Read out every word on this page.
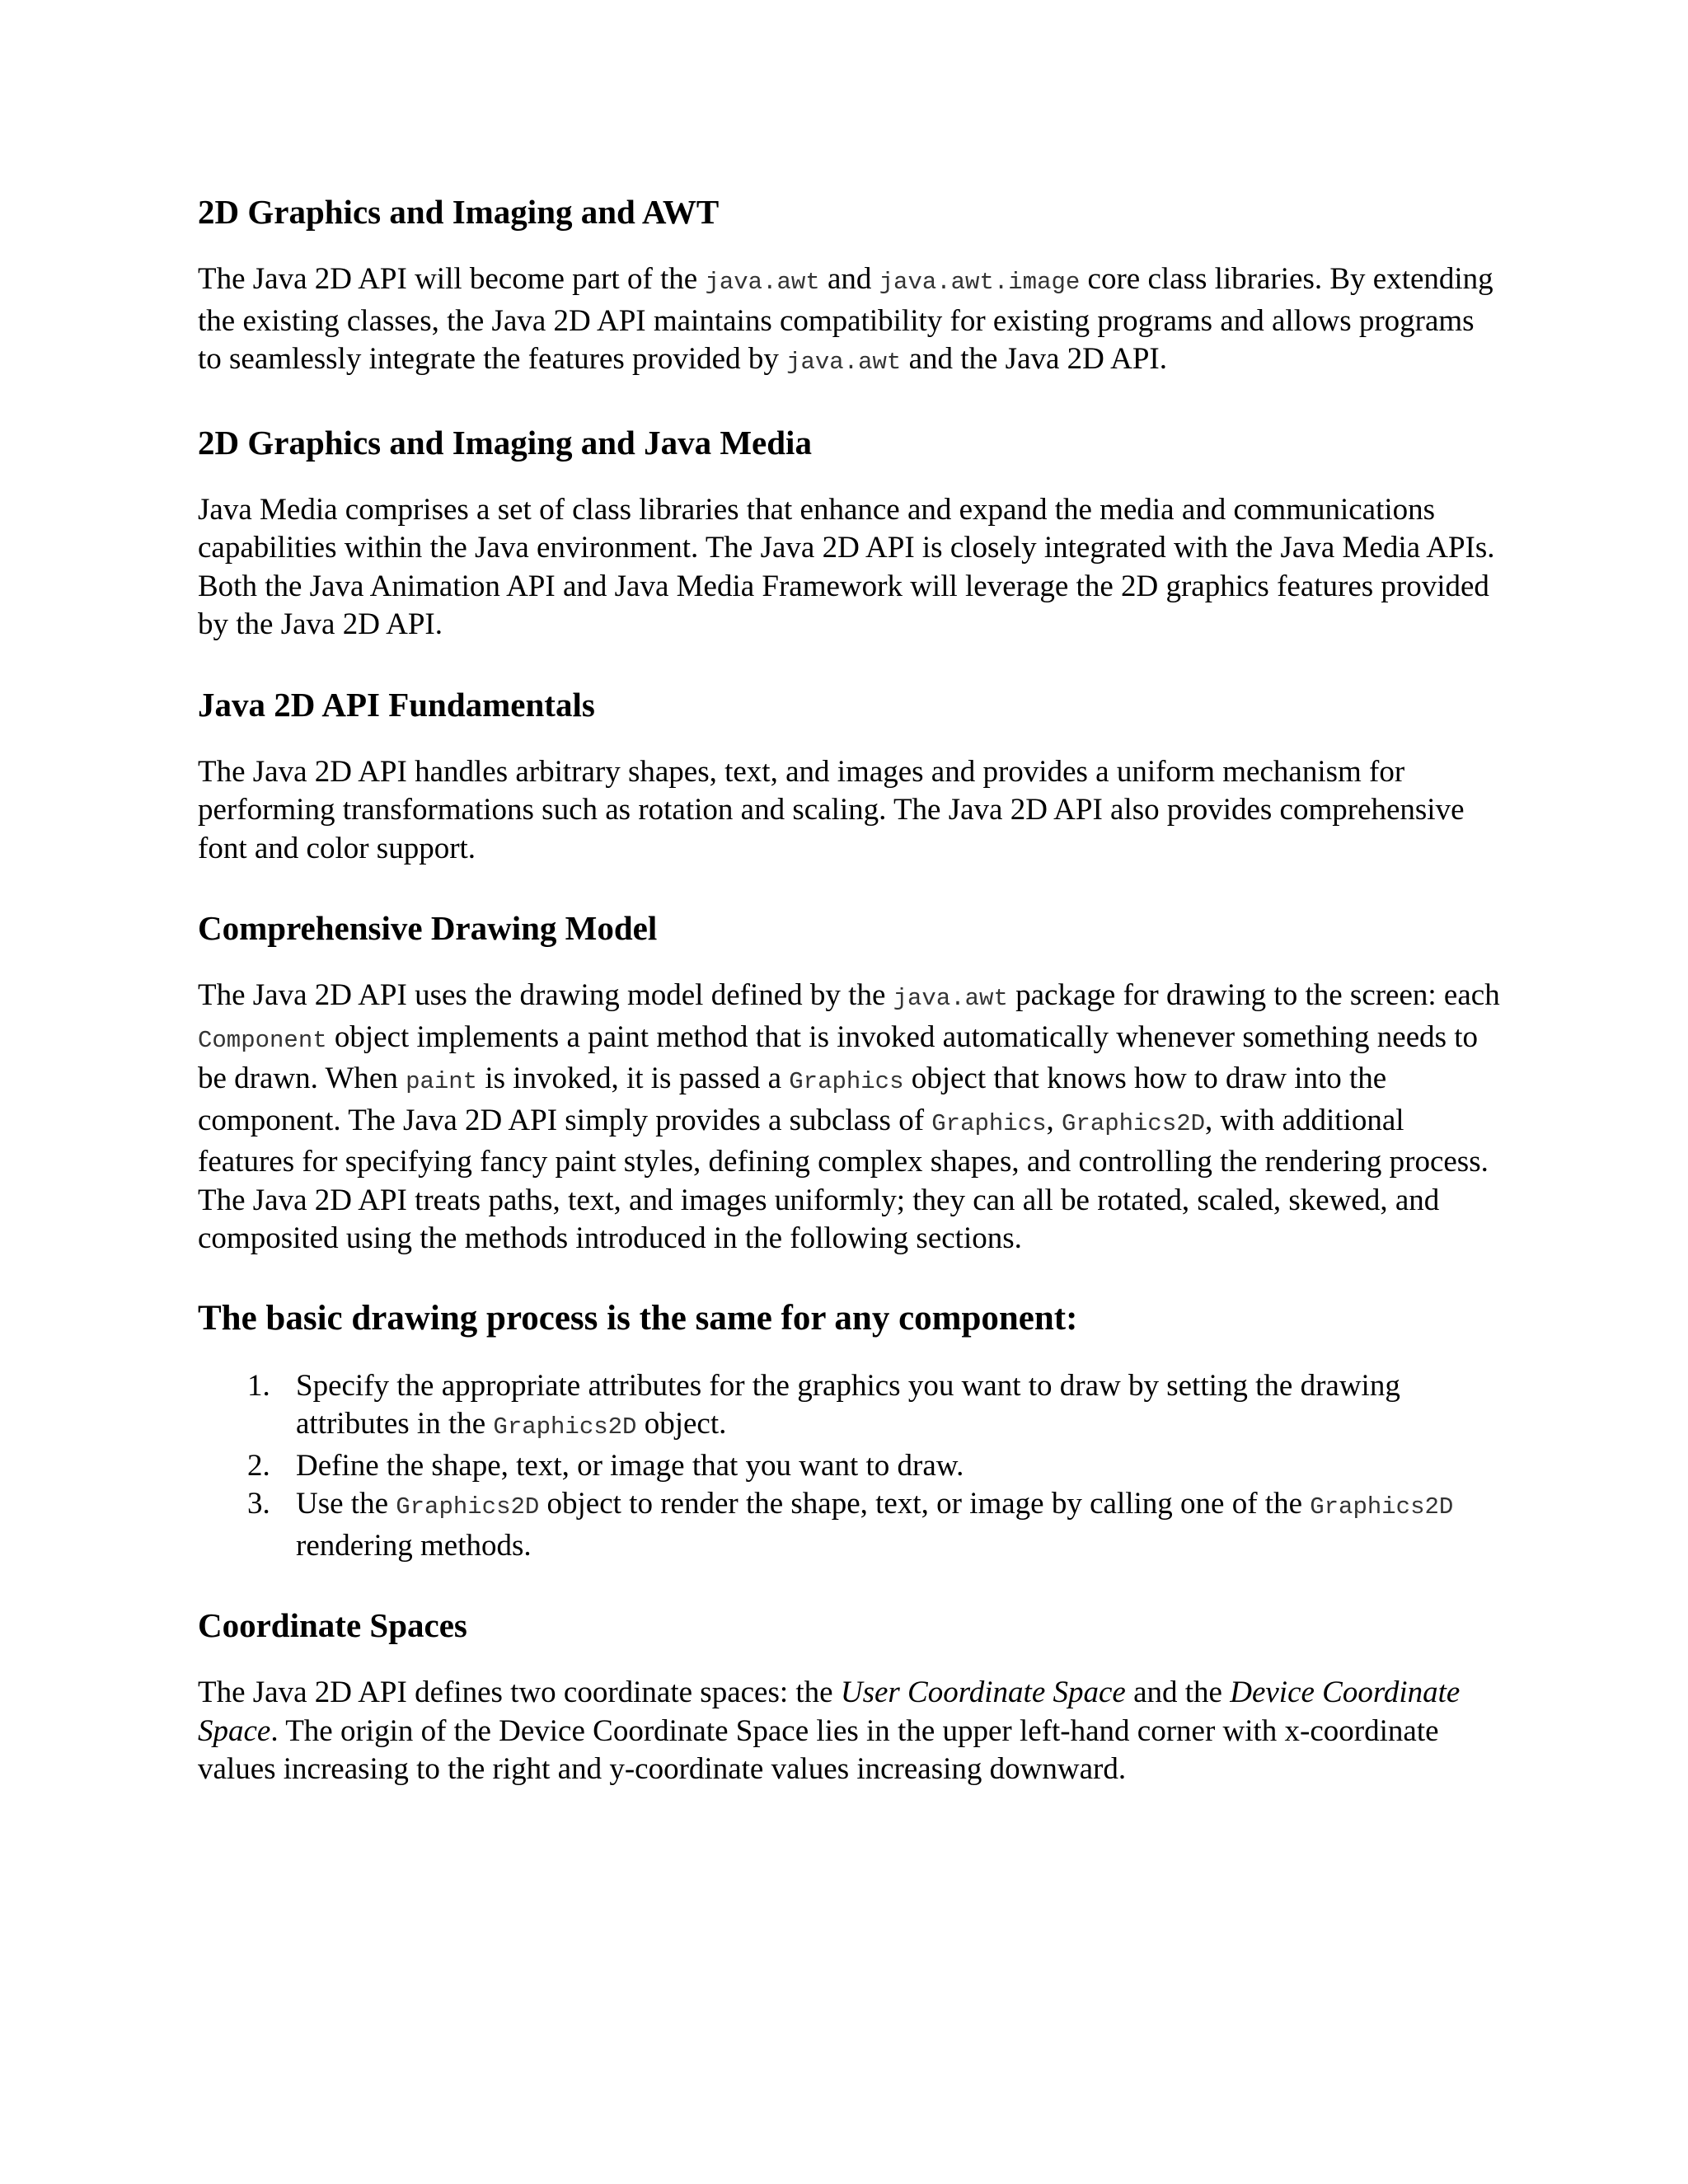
2D Graphics and Imaging and AWT

The Java 2D API will become part of the java.awt and java.awt.image core class libraries. By extending the existing classes, the Java 2D API maintains compatibility for existing programs and allows programs to seamlessly integrate the features provided by java.awt and the Java 2D API.

2D Graphics and Imaging and Java Media

Java Media comprises a set of class libraries that enhance and expand the media and communications capabilities within the Java environment. The Java 2D API is closely integrated with the Java Media APIs. Both the Java Animation API and Java Media Framework will leverage the 2D graphics features provided by the Java 2D API.

Java 2D API Fundamentals

The Java 2D API handles arbitrary shapes, text, and images and provides a uniform mechanism for performing transformations such as rotation and scaling. The Java 2D API also provides comprehensive font and color support.

Comprehensive Drawing Model

The Java 2D API uses the drawing model defined by the java.awt package for drawing to the screen: each Component object implements a paint method that is invoked automatically whenever something needs to be drawn. When paint is invoked, it is passed a Graphics object that knows how to draw into the component. The Java 2D API simply provides a subclass of Graphics, Graphics2D, with additional features for specifying fancy paint styles, defining complex shapes, and controlling the rendering process. The Java 2D API treats paths, text, and images uniformly; they can all be rotated, scaled, skewed, and composited using the methods introduced in the following sections.

The basic drawing process is the same for any component:
1. Specify the appropriate attributes for the graphics you want to draw by setting the drawing attributes in the Graphics2D object.
2. Define the shape, text, or image that you want to draw.
3. Use the Graphics2D object to render the shape, text, or image by calling one of the Graphics2D rendering methods.
Coordinate Spaces

The Java 2D API defines two coordinate spaces: the User Coordinate Space and the Device Coordinate Space. The origin of the Device Coordinate Space lies in the upper left-hand corner with x-coordinate values increasing to the right and y-coordinate values increasing downward.
